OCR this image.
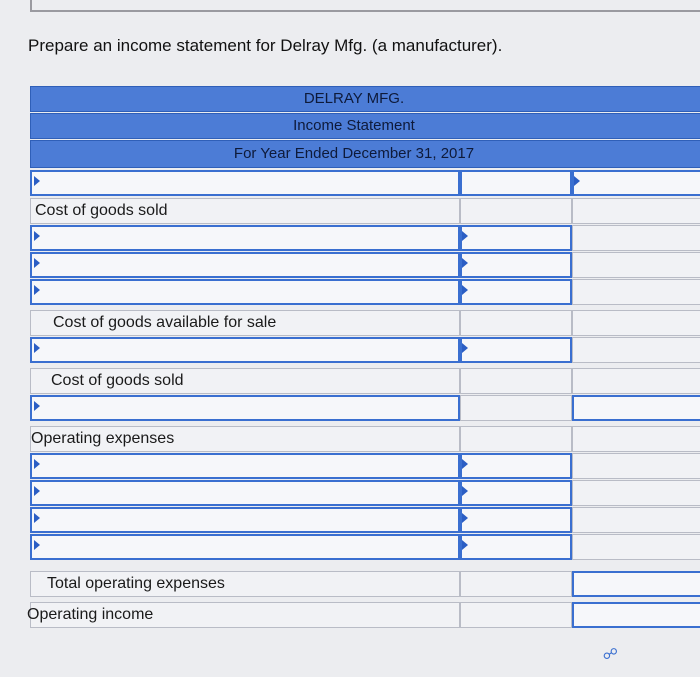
Prepare an income statement for Delray Mfg. (a manufacturer).
DELRAY MFG.
Income Statement
For Year Ended December 31, 2017
Cost of goods sold
Cost of goods available for sale
Cost of goods sold
Operating expenses
Total operating expenses
Operating income
☍
